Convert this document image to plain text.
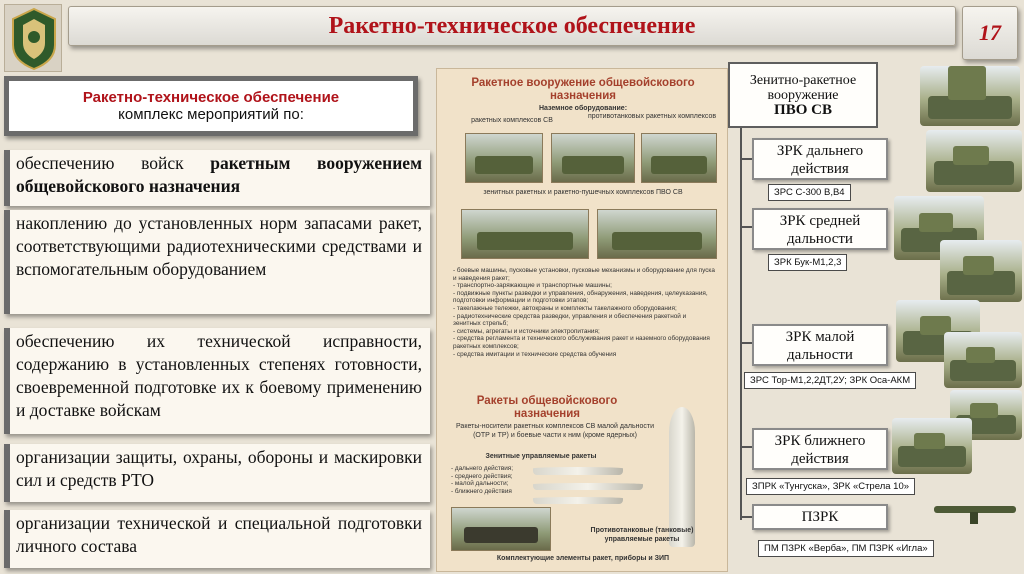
Ракетно-техническое обеспечение	17
Ракетно-техническое обеспечение
комплекс мероприятий по:
обеспечению войск ракетным вооружением общевойскового назначения
накоплению до установленных норм запасами ракет, соответствующими радиотехническими средствами и вспомогательным оборудованием
обеспечению их технической исправности, содержанию в установленных степенях готовности, своевременной подготовке их к боевому применению и доставке войскам
организации защиты, охраны, обороны и маскировки сил и средств РТО
организации технической и специальной подготовки личного состава
Ракетное вооружение общевойскового назначения
Наземное оборудование:
ракетных комплексов СВ
противотанковых ракетных комплексов
зенитных ракетных и ракетно-пушечных комплексов ПВО СВ
- боевые машины, пусковые установки, пусковые механизмы и оборудование для пуска и наведения ракет;
- транспортно-заряжающие и транспортные машины;
- подвижные пункты разведки и управления, обнаружения, наведения, целеуказания, подготовки информации и подготовки этапов;
- такелажные тележки, автокраны и комплекты такелажного оборудования;
- радиотехнические средства разведки, управления и обеспечения ракетной и зенитных стрельб;
- системы, агрегаты и источники электропитания;
- средства регламента и технического обслуживания ракет и наземного оборудования ракетных комплексов;
- средства имитации и технические средства обучения
Ракеты общевойскового назначения
Ракеты-носители ракетных комплексов СВ малой дальности (ОТР и ТР) и боевые части к ним (кроме ядерных)
Зенитные управляемые ракеты
- дальнего действия;
- среднего действия;
- малой дальности;
- ближнего действия
Противотанковые (танковые) управляемые ракеты
Комплектующие элементы ракет, приборы и ЗИП
Зенитно-ракетное вооружение
ПВО СВ
ЗРК дальнего действия
ЗРС С-300 В,В4
ЗРК средней дальности
ЗРК Бук-М1,2,3
ЗРК малой дальности
ЗРС Тор-М1,2,2ДТ,2У; ЗРК Оса-АКМ
ЗРК ближнего действия
ЗПРК «Тунгуска», ЗРК «Стрела 10»
ПЗРК
ПМ ПЗРК «Верба», ПМ ПЗРК «Игла»
